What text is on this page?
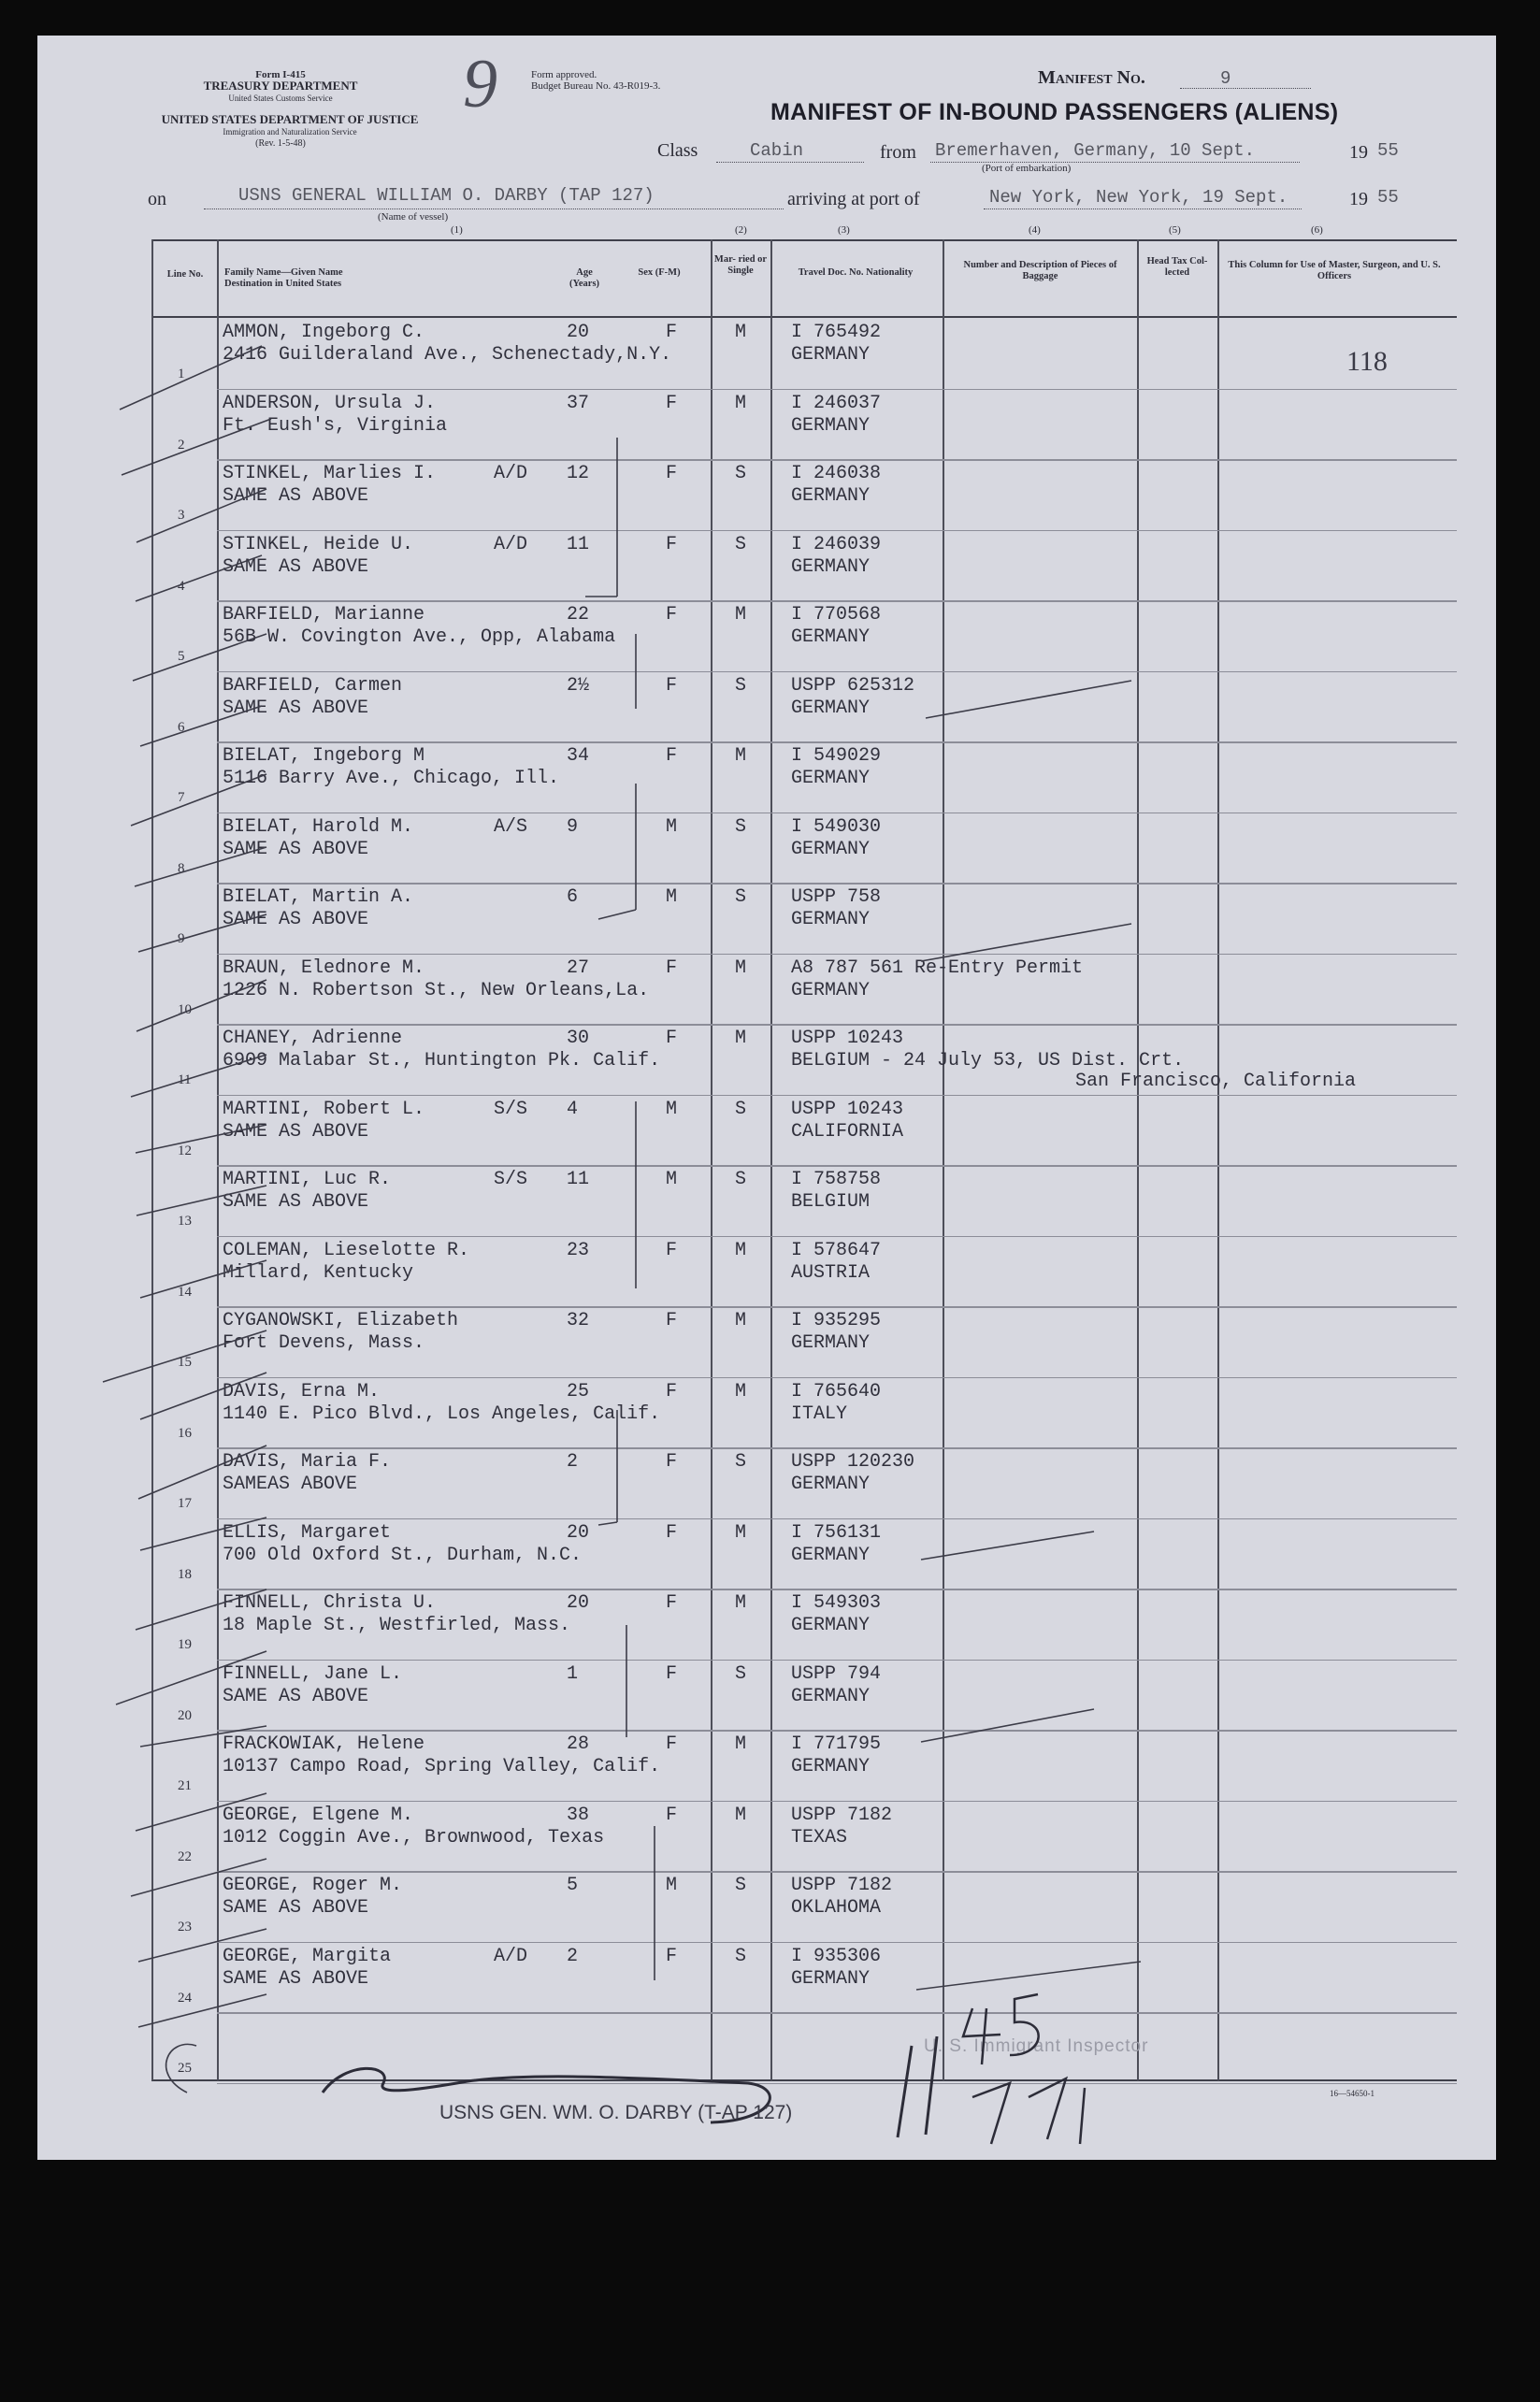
Form I-415
TREASURY DEPARTMENT
United States Customs Service
UNITED STATES DEPARTMENT OF JUSTICE
Immigration and Naturalization Service
(Rev. 1-5-48)
9	Form approved.
Budget Bureau No. 43-R019-3.	Manifest No.	9
MANIFEST OF IN-BOUND PASSENGERS (ALIENS)
Class	Cabin	from Bremerhaven, Germany, 10 Sept.	19 55
(Port of embarkation)
on	USNS GENERAL WILLIAM O. DARBY (TAP 127)
(Name of vessel)
arriving at port of	New York, New York, 19 Sept.	19 55
(1)	(2)	(3)	(4)	(5)	(6)
Line No.	Family Name—Given Name
Destination in United States
Age (Years)
Sex (F-M)
Mar- ried or Single	Travel Doc. No. Nationality
Number and Description of Pieces of Baggage
Head Tax Col- lected
This Column for Use of Master, Surgeon, and U. S. Officers
1
AMMON, Ingeborg C.	20	F	M I 765492
2416 Guilderaland Ave., Schenectady,N.Y.	GERMANY
2
ANDERSON, Ursula J.	37	F	M I 246037
Ft. Eush's, Virginia	GERMANY
3
STINKEL, Marlies I.	A/D 12	F	S I 246038
SAME AS ABOVE	GERMANY
4
STINKEL, Heide U.	A/D 11	F	S I 246039
SAME AS ABOVE	GERMANY
5
BARFIELD, Marianne	22	F	M I 770568
56B W. Covington Ave., Opp, Alabama	GERMANY
6
BARFIELD, Carmen	2½	F	S USPP 625312
SAME AS ABOVE	GERMANY
7
BIELAT, Ingeborg M	34	F	M I 549029
5116 Barry Ave., Chicago, Ill.	GERMANY
8
BIELAT, Harold M.	A/S 9	M	S I 549030
SAME AS ABOVE	GERMANY
9
BIELAT, Martin A.	6	M	S USPP 758
SAME AS ABOVE	GERMANY
10
BRAUN, Elednore M.	27	F	M A8 787 561 Re-Entry Permit
1226 N. Robertson St., New Orleans,La.	GERMANY
11
CHANEY, Adrienne	30	F	M USPP 10243
6909 Malabar St., Huntington Pk. Calif.	BELGIUM - 24 July 53, US Dist. Crt.
San Francisco, California
12
MARTINI, Robert L.	S/S 4	M	S USPP 10243
SAME AS ABOVE	CALIFORNIA
13
MARTINI, Luc R.	S/S 11	M	S I 758758
SAME AS ABOVE	BELGIUM
14
COLEMAN, Lieselotte R.	23	F	M I 578647
Millard, Kentucky	AUSTRIA
15
CYGANOWSKI, Elizabeth	32	F	M I 935295
Fort Devens, Mass.	GERMANY
16
DAVIS, Erna M.	25	F	M I 765640
1140 E. Pico Blvd., Los Angeles, Calif.	ITALY
17
DAVIS, Maria F.	2	F	S USPP 120230
SAMEAS ABOVE	GERMANY
18
ELLIS, Margaret	20	F	M I 756131
700 Old Oxford St., Durham, N.C.	GERMANY
19
FINNELL, Christa U.	20	F	M I 549303
18 Maple St., Westfirled, Mass.	GERMANY
20
FINNELL, Jane L.	1	F	S USPP 794
SAME AS ABOVE	GERMANY
21
FRACKOWIAK, Helene	28	F	M I 771795
10137 Campo Road, Spring Valley, Calif.	GERMANY
22
GEORGE, Elgene M.	38	F	M USPP 7182
1012 Coggin Ave., Brownwood, Texas	TEXAS
23
GEORGE, Roger M.	5	M	S USPP 7182
SAME AS ABOVE	OKLAHOMA
24
GEORGE, Margita	A/D 2	F	S I 935306
SAME AS ABOVE	GERMANY
25
118
U. S. Immigrant Inspector
USNS GEN. WM. O. DARBY (T-AP 127)
16—54650-1
